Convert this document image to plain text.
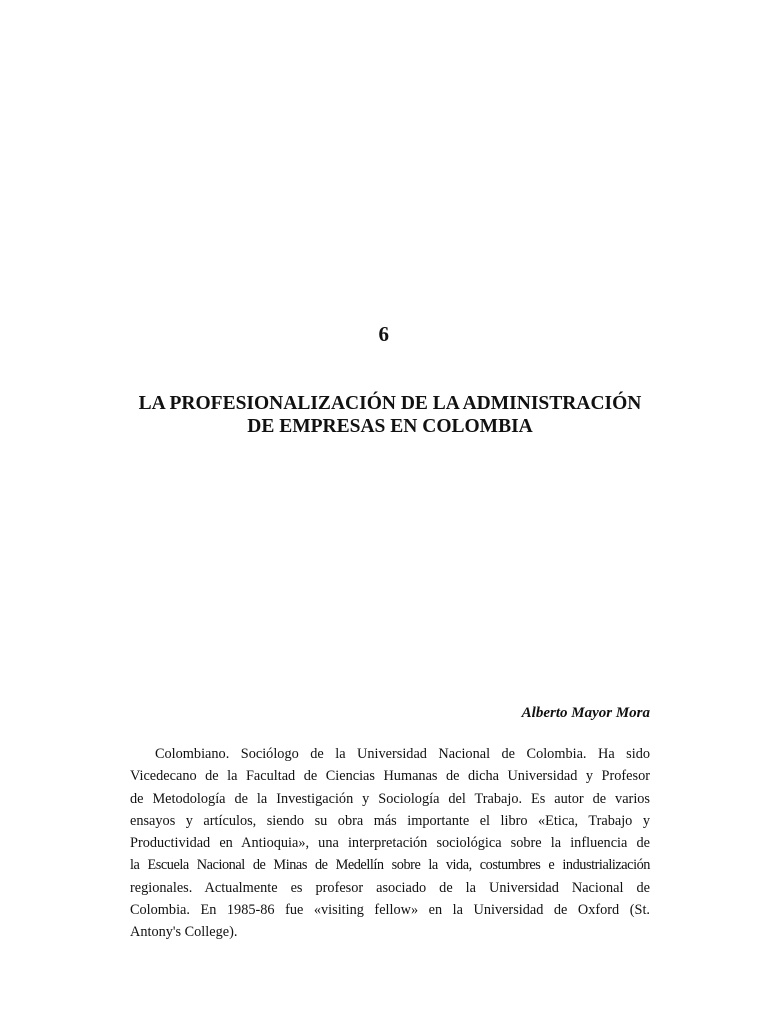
6
LA PROFESIONALIZACIÓN DE LA ADMINISTRACIÓN
DE EMPRESAS EN COLOMBIA
Alberto Mayor Mora
Colombiano. Sociólogo de la Universidad Nacional de Colombia. Ha sido
Vicedecano de la Facultad de Ciencias Humanas de dicha Universidad y Profesor
de Metodología de la Investigación y Sociología del Trabajo. Es autor de varios
ensayos y artículos, siendo su obra más importante el libro «Etica, Trabajo y
Productividad en Antioquia», una interpretación sociológica sobre la influencia de
la Escuela Nacional de Minas de Medellín sobre la vida, costumbres e industrialización
regionales. Actualmente es profesor asociado de la Universidad Nacional de
Colombia. En 1985-86 fue «visiting fellow» en la Universidad de Oxford (St.
Antony's College).
